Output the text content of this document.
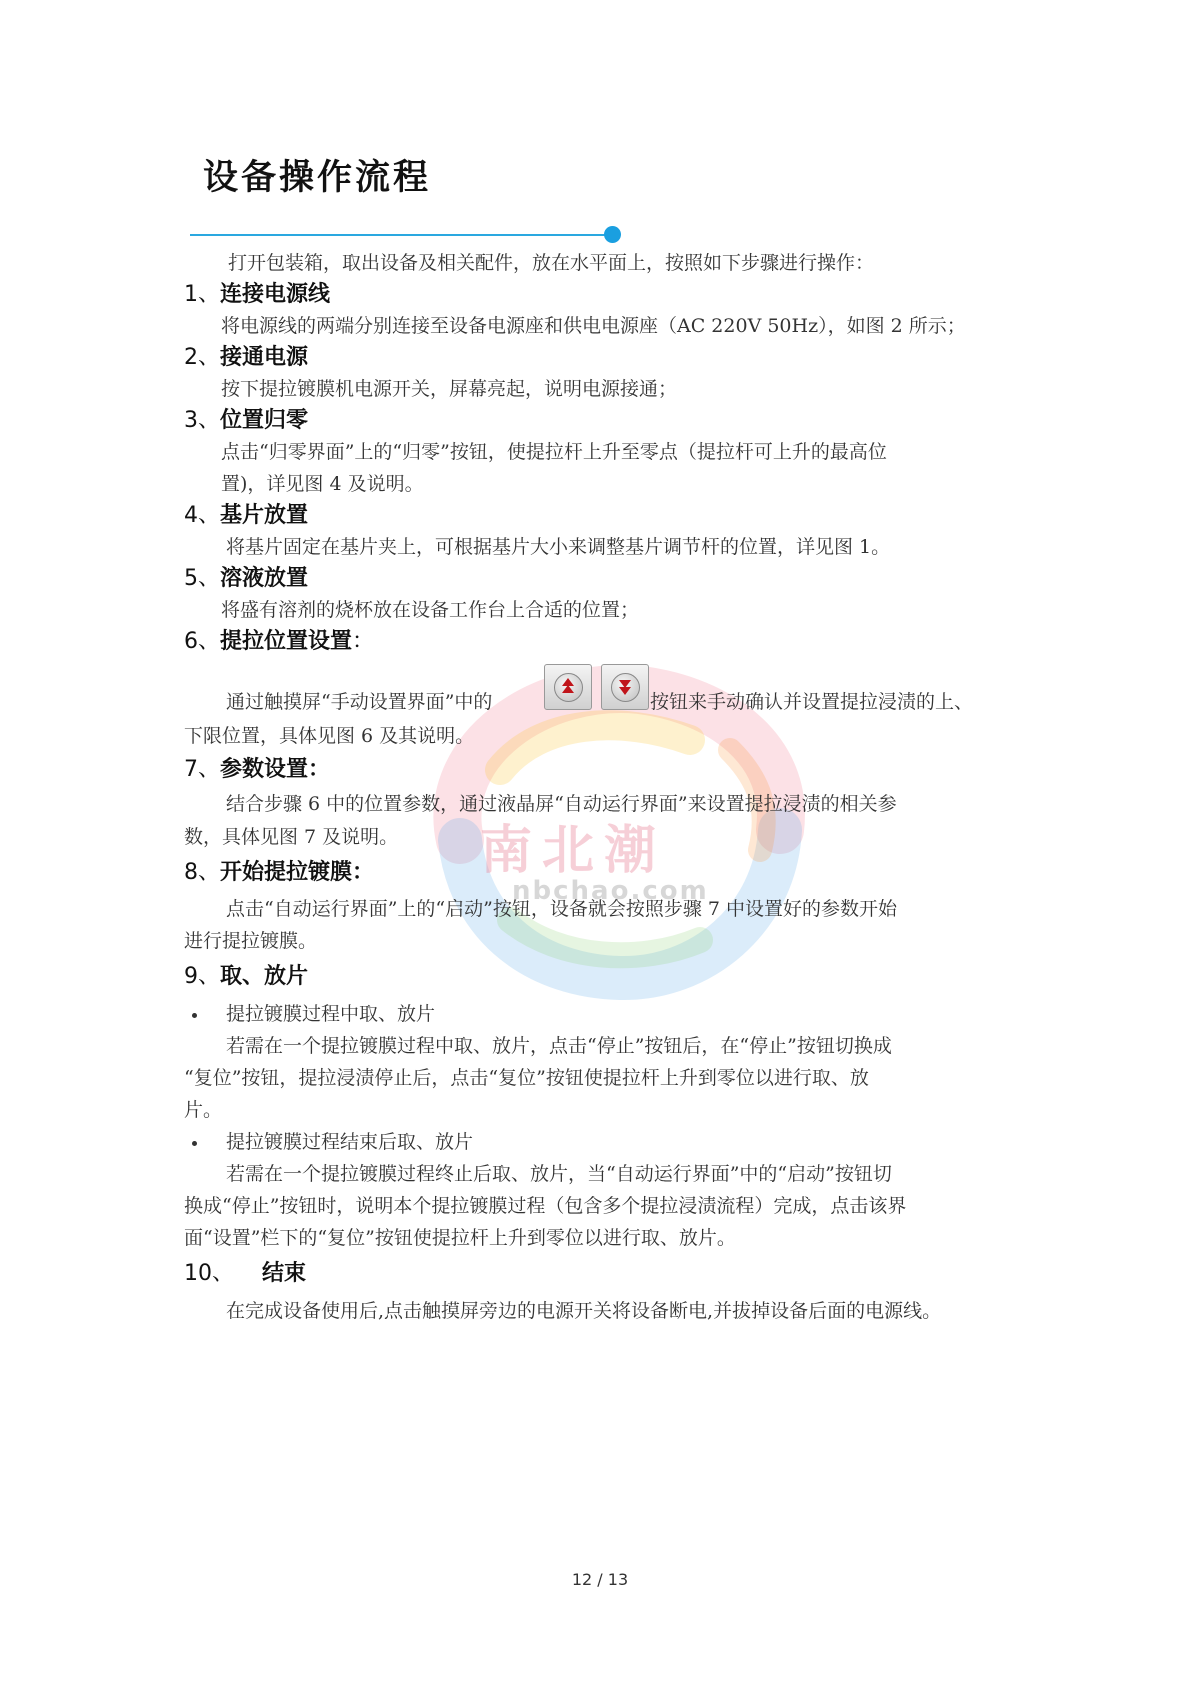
设备操作流程
南北潮
nbchao.com

打开包装箱，取出设备及相关配件，放在水平面上，按照如下步骤进行操作：

1、连接电源线

将电源线的两端分别连接至设备电源座和供电电源座（AC 220V 50Hz），如图 2 所示；

2、接通电源

按下提拉镀膜机电源开关，屏幕亮起，说明电源接通；

3、位置归零

点击“归零界面”上的“归零”按钮，使提拉杆上升至零点（提拉杆可上升的最高位

置)，详见图 4 及说明。

4、基片放置

将基片固定在基片夹上，可根据基片大小来调整基片调节杆的位置，详见图 1。

5、溶液放置

将盛有溶剂的烧杯放在设备工作台上合适的位置；

6、提拉位置设置：

通过触摸屏“手动设置界面”中的	按钮来手动确认并设置提拉浸渍的上、

下限位置，具体见图 6 及其说明。

7、参数设置：

结合步骤 6 中的位置参数，通过液晶屏“自动运行界面”来设置提拉浸渍的相关参

数，具体见图 7 及说明。

8、开始提拉镀膜：

点击“自动运行界面”上的“启动”按钮，设备就会按照步骤 7 中设置好的参数开始

进行提拉镀膜。

9、取、放片

提拉镀膜过程中取、放片

若需在一个提拉镀膜过程中取、放片，点击“停止”按钮后，在“停止”按钮切换成

“复位”按钮，提拉浸渍停止后，点击“复位”按钮使提拉杆上升到零位以进行取、放

片。

提拉镀膜过程结束后取、放片

若需在一个提拉镀膜过程终止后取、放片，当“自动运行界面”中的“启动”按钮切

换成“停止”按钮时，说明本个提拉镀膜过程（包含多个提拉浸渍流程）完成，点击该界

面“设置”栏下的“复位”按钮使提拉杆上升到零位以进行取、放片。

10、 结束

在完成设备使用后,点击触摸屏旁边的电源开关将设备断电,并拔掉设备后面的电源线。

12 / 13
